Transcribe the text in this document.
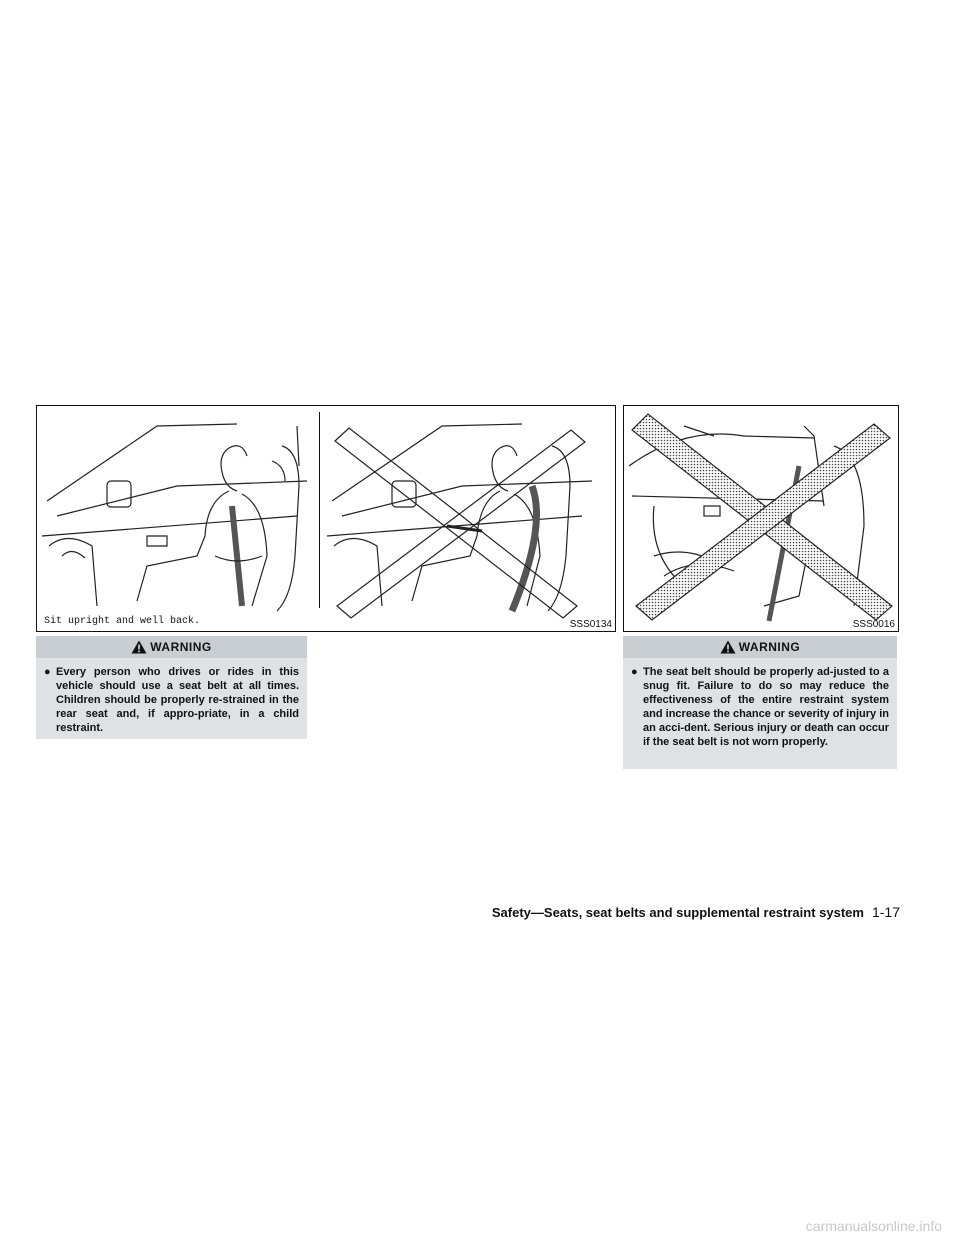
Sit upright and well back.	SSS0134	SSS0016
WARNING
● Every person who drives or rides in this vehicle should use a seat belt at all times. Children should be properly re-strained in the rear seat and, if appro-priate, in a child restraint.
WARNING
● The seat belt should be properly ad-justed to a snug fit. Failure to do so may reduce the effectiveness of the entire restraint system and increase the chance or severity of injury in an acci-dent. Serious injury or death can occur if the seat belt is not worn properly.
Safety—Seats, seat belts and supplemental restraint system 1-17
carmanualsonline.info
